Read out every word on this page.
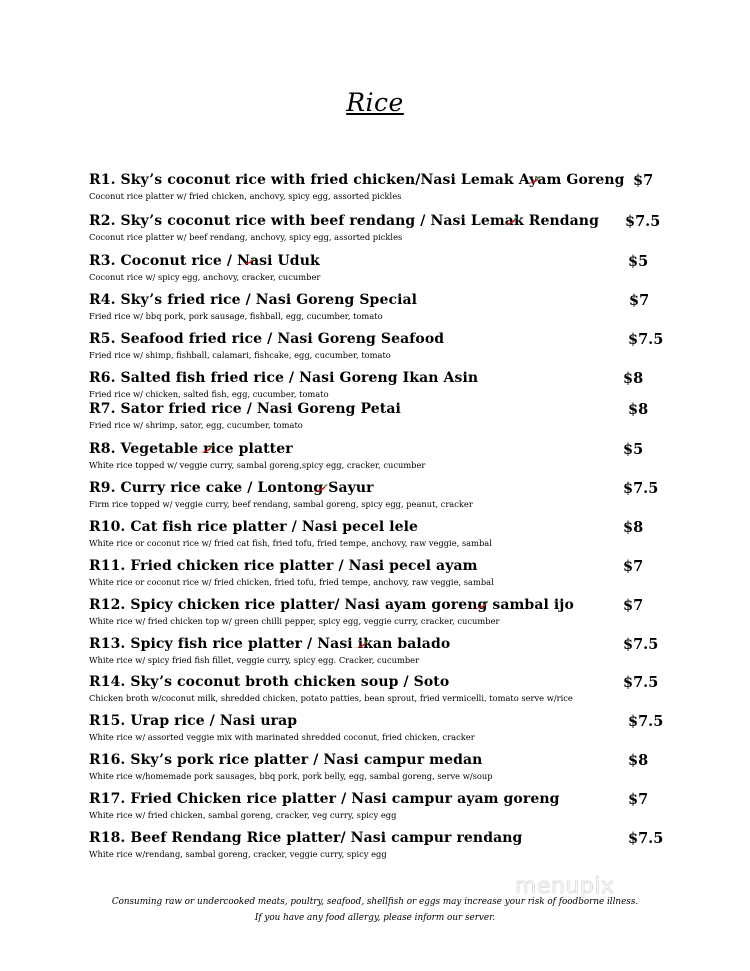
Rice
R1. Sky’s coconut rice with fried chicken/Nasi Lemak Ayam Goreng
Coconut rice platter w/ fried chicken, anchovy, spicy egg, assorted pickles
$7
R2. Sky’s coconut rice with beef rendang / Nasi Lemak Rendang
Coconut rice platter w/ beef rendang, anchovy, spicy egg, assorted pickles
$7.5
R3. Coconut rice / Nasi Uduk
Coconut rice w/ spicy egg, anchovy, cracker, cucumber
$5
R4. Sky’s fried rice / Nasi Goreng Special
Fried rice w/ bbq pork, pork sausage, fishball, egg, cucumber, tomato
$7
R5. Seafood fried rice / Nasi Goreng Seafood
Fried rice w/ shimp, fishball, calamari, fishcake, egg, cucumber, tomato
$7.5
R6. Salted fish fried rice / Nasi Goreng Ikan Asin
Fried rice w/ chicken, salted fish, egg, cucumber, tomato
$8
R7. Sator fried rice / Nasi Goreng Petai
Fried rice w/ shrimp, sator, egg, cucumber, tomato
$8
R8. Vegetable rice platter
White rice topped w/ veggie curry, sambal goreng,spicy egg, cracker, cucumber
$5
R9. Curry rice cake / Lontong Sayur
Firm rice topped w/ veggie curry, beef rendang, sambal goreng, spicy egg, peanut, cracker
$7.5
R10. Cat fish rice platter / Nasi pecel lele
White rice or coconut rice w/ fried cat fish, fried tofu, fried tempe, anchovy, raw veggie, sambal
$8
R11. Fried chicken rice platter / Nasi pecel ayam
White rice or coconut rice w/ fried chicken, fried tofu, fried tempe, anchovy, raw veggie, sambal
$7
R12. Spicy chicken rice platter/ Nasi ayam goreng sambal ijo
White rice w/ fried chicken top w/ green chilli pepper, spicy egg, veggie curry, cracker, cucumber
$7
R13. Spicy fish rice platter / Nasi ikan balado
White rice w/ spicy fried fish fillet, veggie curry, spicy egg. Cracker, cucumber
$7.5
R14. Sky’s coconut broth chicken soup / Soto
Chicken broth w/coconut milk, shredded chicken, potato patties, bean sprout, fried vermicelli, tomato serve w/rice
$7.5
R15. Urap rice / Nasi urap
White rice w/ assorted veggie mix with marinated shredded coconut, fried chicken, cracker
$7.5
R16. Sky’s pork rice platter / Nasi campur medan
White rice w/homemade pork sausages, bbq pork, pork belly, egg, sambal goreng, serve w/soup
$8
R17. Fried Chicken rice platter / Nasi campur ayam goreng
White rice w/ fried chicken, sambal goreng, cracker, veg curry, spicy egg
$7
R18. Beef Rendang Rice platter/ Nasi campur rendang
White rice w/rendang, sambal goreng, cracker, veggie curry, spicy egg
$7.5
Consuming raw or undercooked meats, poultry, seafood, shellfish or eggs may increase your risk of foodborne illness.
If you have any food allergy, please inform our server.
menupix
